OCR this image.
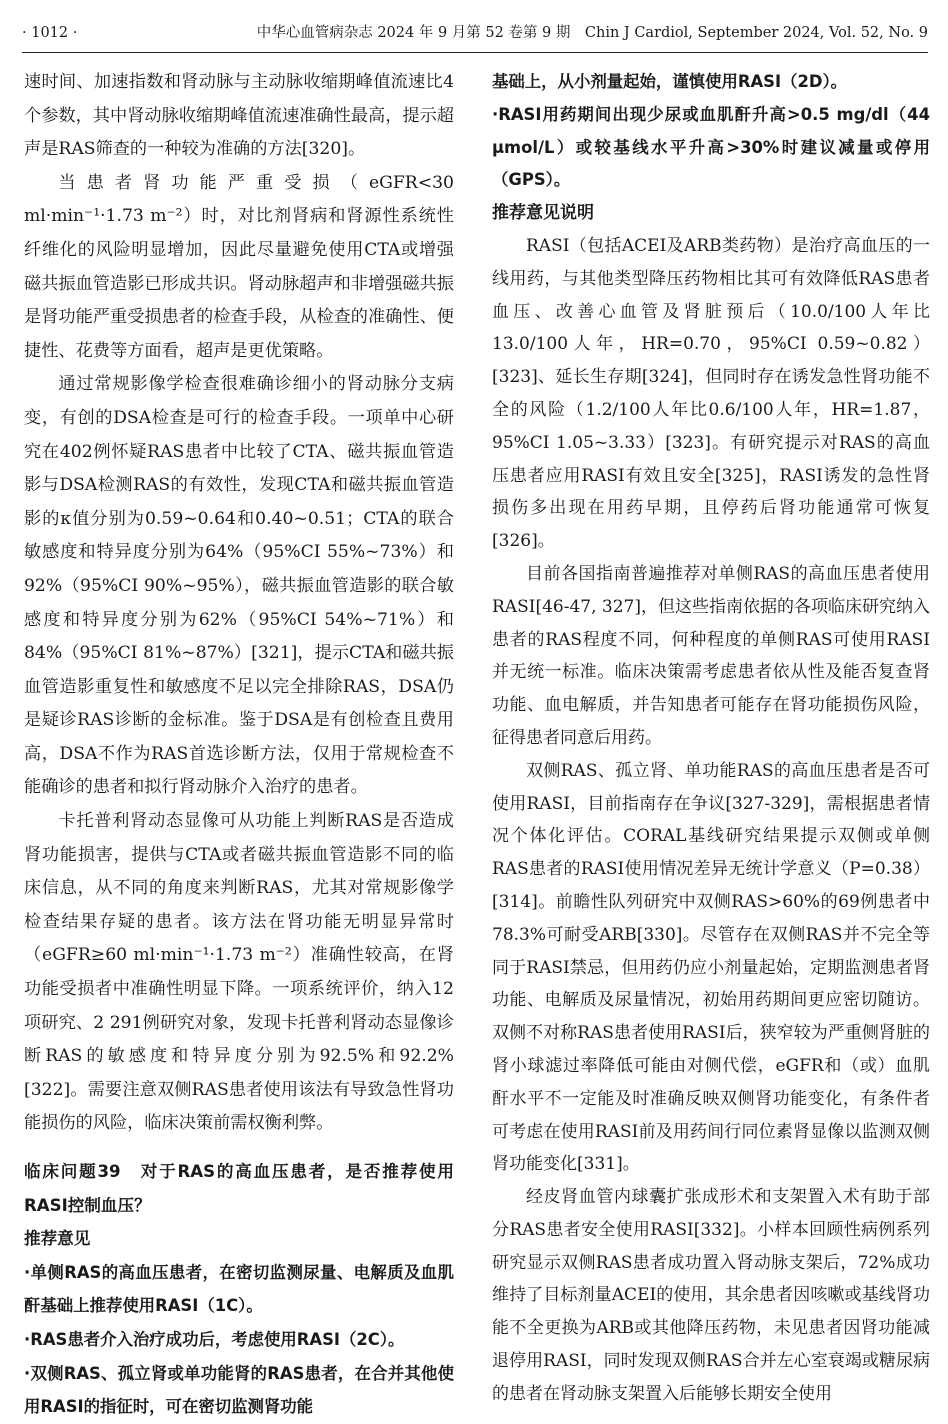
· 1012 ·	中华心血管病杂志 2024 年 9 月第 52 卷第 9 期　Chin J Cardiol, September 2024, Vol. 52, No. 9

速时间、加速指数和肾动脉与主动脉收缩期峰值流速比4个参数，其中肾动脉收缩期峰值流速准确性最高，提示超声是RAS筛查的一种较为准确的方法[320]。

当患者肾功能严重受损（eGFR<30 ml·min⁻¹·1.73 m⁻²）时，对比剂肾病和肾源性系统性纤维化的风险明显增加，因此尽量避免使用CTA或增强磁共振血管造影已形成共识。肾动脉超声和非增强磁共振是肾功能严重受损患者的检查手段，从检查的准确性、便捷性、花费等方面看，超声是更优策略。

通过常规影像学检查很难确诊细小的肾动脉分支病变，有创的DSA检查是可行的检查手段。一项单中心研究在402例怀疑RAS患者中比较了CTA、磁共振血管造影与DSA检测RAS的有效性，发现CTA和磁共振血管造影的κ值分别为0.59~0.64和0.40~0.51；CTA的联合敏感度和特异度分别为64%（95%CI 55%~73%）和92%（95%CI 90%~95%），磁共振血管造影的联合敏感度和特异度分别为62%（95%CI 54%~71%）和84%（95%CI 81%~87%）[321]，提示CTA和磁共振血管造影重复性和敏感度不足以完全排除RAS，DSA仍是疑诊RAS诊断的金标准。鉴于DSA是有创检查且费用高，DSA不作为RAS首选诊断方法，仅用于常规检查不能确诊的患者和拟行肾动脉介入治疗的患者。

卡托普利肾动态显像可从功能上判断RAS是否造成肾功能损害，提供与CTA或者磁共振血管造影不同的临床信息，从不同的角度来判断RAS，尤其对常规影像学检查结果存疑的患者。该方法在肾功能无明显异常时（eGFR≥60 ml·min⁻¹·1.73 m⁻²）准确性较高，在肾功能受损者中准确性明显下降。一项系统评价，纳入12项研究、2 291例研究对象，发现卡托普利肾动态显像诊断RAS的敏感度和特异度分别为92.5%和92.2%[322]。需要注意双侧RAS患者使用该法有导致急性肾功能损伤的风险，临床决策前需权衡利弊。

临床问题39　对于RAS的高血压患者，是否推荐使用RASI控制血压？

推荐意见

·单侧RAS的高血压患者，在密切监测尿量、电解质及血肌酐基础上推荐使用RASI（1C）。

·RAS患者介入治疗成功后，考虑使用RASI（2C）。

·双侧RAS、孤立肾或单功能肾的RAS患者，在合并其他使用RASI的指征时，可在密切监测肾功能

基础上，从小剂量起始，谨慎使用RASI（2D）。

·RASI用药期间出现少尿或血肌酐升高>0.5 mg/dl（44 μmol/L）或较基线水平升高>30%时建议减量或停用（GPS）。

推荐意见说明

RASI（包括ACEI及ARB类药物）是治疗高血压的一线用药，与其他类型降压药物相比其可有效降低RAS患者血压、改善心血管及肾脏预后（10.0/100人年比13.0/100人年，HR=0.70，95%CI 0.59~0.82）[323]、延长生存期[324]，但同时存在诱发急性肾功能不全的风险（1.2/100人年比0.6/100人年，HR=1.87，95%CI 1.05~3.33）[323]。有研究提示对RAS的高血压患者应用RASI有效且安全[325]，RASI诱发的急性肾损伤多出现在用药早期，且停药后肾功能通常可恢复[326]。

目前各国指南普遍推荐对单侧RAS的高血压患者使用RASI[46-47, 327]，但这些指南依据的各项临床研究纳入患者的RAS程度不同，何种程度的单侧RAS可使用RASI并无统一标准。临床决策需考虑患者依从性及能否复查肾功能、血电解质，并告知患者可能存在肾功能损伤风险，征得患者同意后用药。

双侧RAS、孤立肾、单功能RAS的高血压患者是否可使用RASI，目前指南存在争议[327-329]，需根据患者情况个体化评估。CORAL基线研究结果提示双侧或单侧RAS患者的RASI使用情况差异无统计学意义（P=0.38）[314]。前瞻性队列研究中双侧RAS>60%的69例患者中78.3%可耐受ARB[330]。尽管存在双侧RAS并不完全等同于RASI禁忌，但用药仍应小剂量起始，定期监测患者肾功能、电解质及尿量情况，初始用药期间更应密切随访。双侧不对称RAS患者使用RASI后，狭窄较为严重侧肾脏的肾小球滤过率降低可能由对侧代偿，eGFR和（或）血肌酐水平不一定能及时准确反映双侧肾功能变化，有条件者可考虑在使用RASI前及用药间行同位素肾显像以监测双侧肾功能变化[331]。

经皮肾血管内球囊扩张成形术和支架置入术有助于部分RAS患者安全使用RASI[332]。小样本回顾性病例系列研究显示双侧RAS患者成功置入肾动脉支架后，72%成功维持了目标剂量ACEI的使用，其余患者因咳嗽或基线肾功能不全更换为ARB或其他降压药物，未见患者因肾功能减退停用RASI，同时发现双侧RAS合并左心室衰竭或糖尿病的患者在肾动脉支架置入后能够长期安全使用
